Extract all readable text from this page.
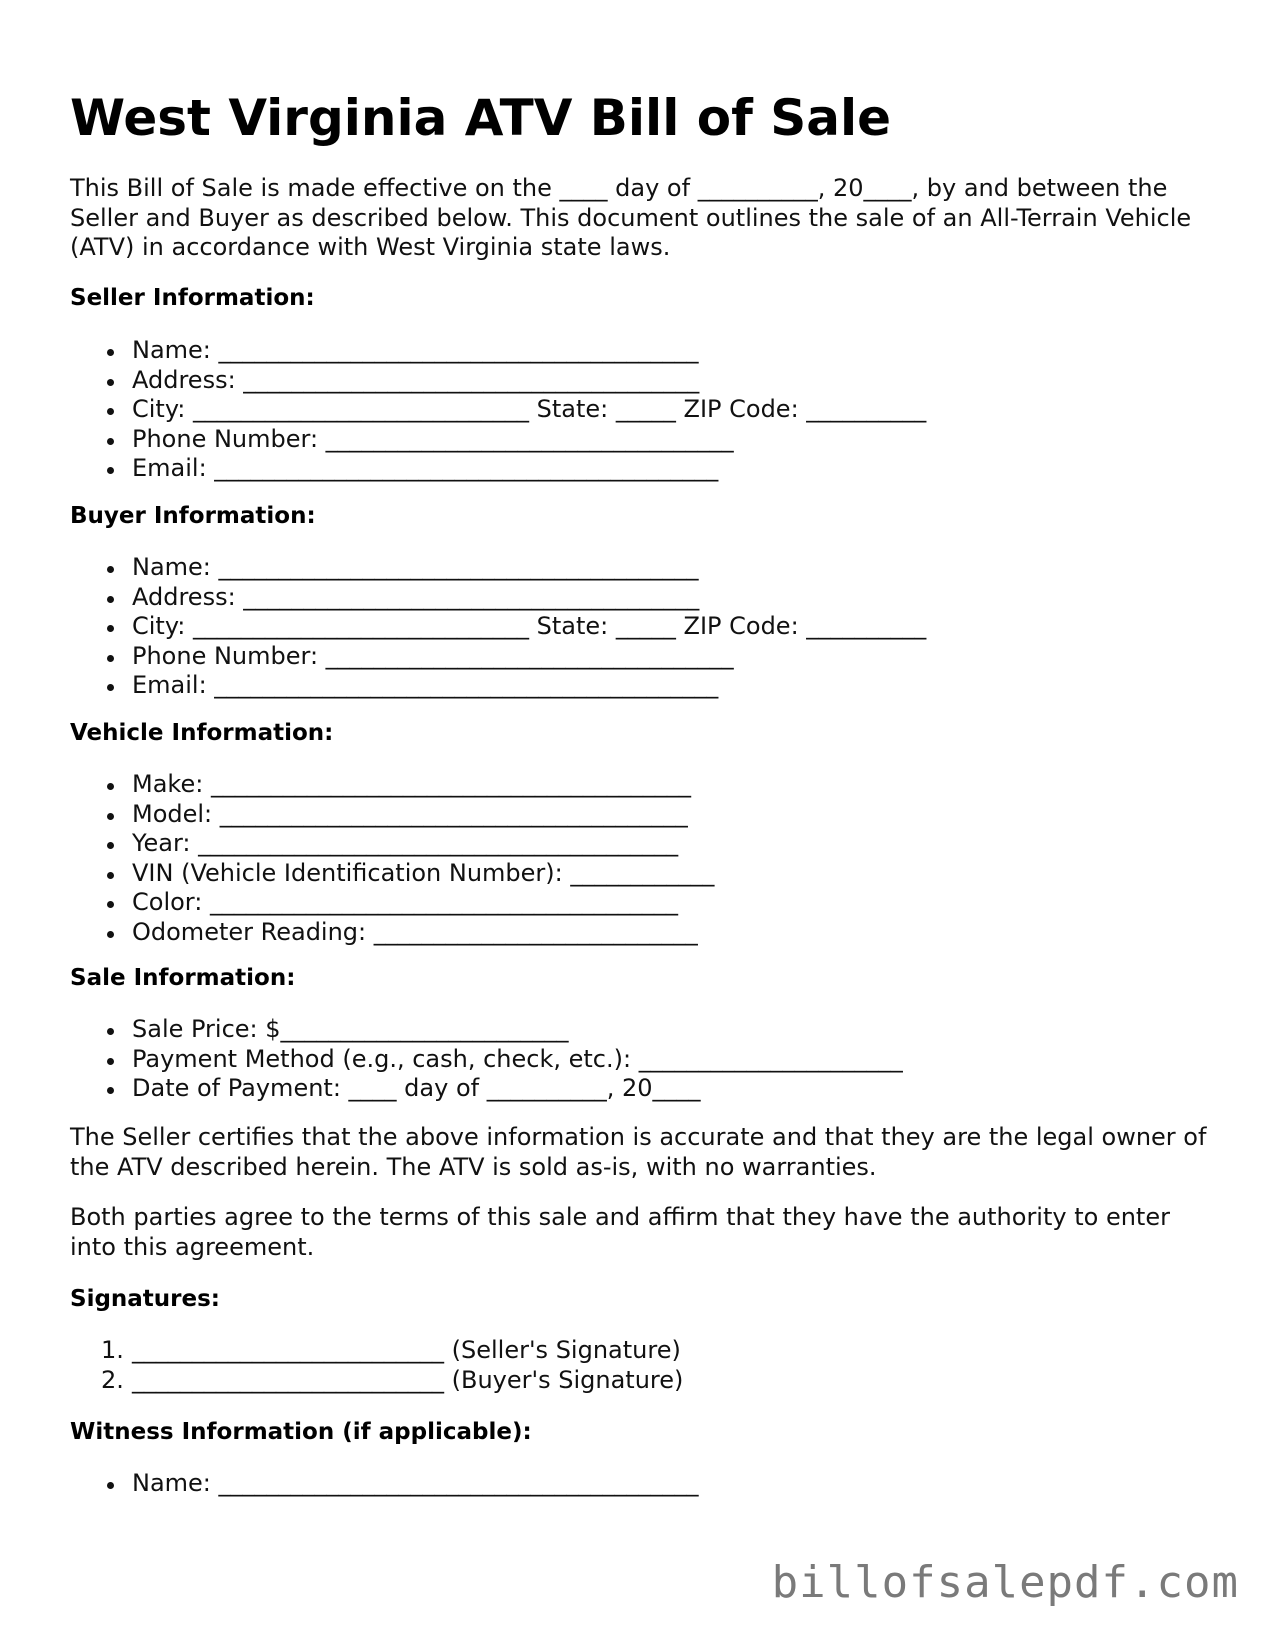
West Virginia ATV Bill of Sale

This Bill of Sale is made effective on the ____ day of __________, 20____, by and between the Seller and Buyer as described below. This document outlines the sale of an All-Terrain Vehicle (ATV) in accordance with West Virginia state laws.

Seller Information:
Name: ________________________________________
Address: ______________________________________
City: ____________________________ State: _____ ZIP Code: __________
Phone Number: __________________________________
Email: __________________________________________
Buyer Information:
Name: ________________________________________
Address: ______________________________________
City: ____________________________ State: _____ ZIP Code: __________
Phone Number: __________________________________
Email: __________________________________________
Vehicle Information:
Make: ________________________________________
Model: _______________________________________
Year: ________________________________________
VIN (Vehicle Identification Number): ____________
Color: _______________________________________
Odometer Reading: ___________________________
Sale Information:
Sale Price: $________________________
Payment Method (e.g., cash, check, etc.): ______________________
Date of Payment: ____ day of __________, 20____

The Seller certifies that the above information is accurate and that they are the legal owner of the ATV described herein. The ATV is sold as-is, with no warranties.

Both parties agree to the terms of this sale and affirm that they have the authority to enter into this agreement.

Signatures:
1. __________________________ (Seller's Signature)
2. __________________________ (Buyer's Signature)
Witness Information (if applicable):
Name: ________________________________________
billofsalepdf.com
